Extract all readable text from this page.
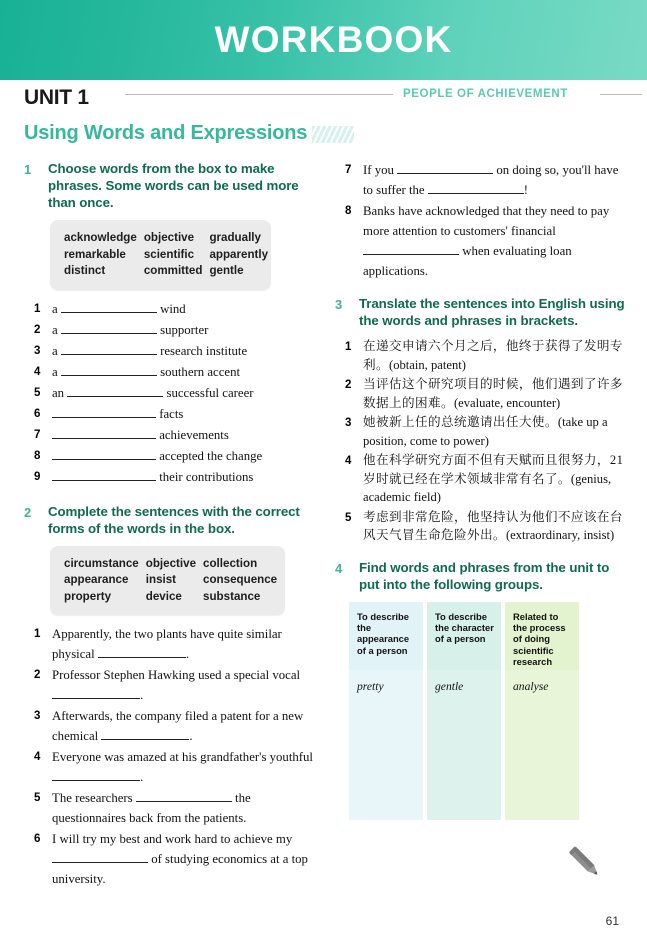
WORKBOOK
UNIT 1	PEOPLE OF ACHIEVEMENT
Using Words and Expressions
1	Choose words from the box to make phrases. Some words can be used more than once.
acknowledge	objective	gradually
remarkable	scientific	apparently
distinct	committed	gentle
1 a	wind
2 a	supporter
3 a	research institute
4 a	southern accent
5 an	successful career
6	facts
7	achievements
8	accepted the change
9	their contributions
2	Complete the sentences with the correct forms of the words in the box.
circumstance	objective	collection
appearance	insist	consequence
property	device	substance
1 Apparently, the two plants have quite similar physical	.
2 Professor Stephen Hawking used a special vocal .
3 Afterwards, the company filed a patent for a new chemical	.
4 Everyone was amazed at his grandfather's youthful .
5 The researchers	the questionnaires back from the patients.
6 I will try my best and work hard to achieve my  of studying economics at a top university.
7 If you	on doing so, you'll have to suffer the	!
8 Banks have acknowledged that they need to pay more attention to customers' financial  when evaluating loan applications.
3	Translate the sentences into English using the words and phrases in brackets.
1 在递交申请六个月之后，他终于获得了发明专利。(obtain, patent)
2 当评估这个研究项目的时候，他们遇到了许多数据上的困难。(evaluate, encounter)
3 她被新上任的总统邀请出任大使。(take up a position, come to power)
4 他在科学研究方面不但有天赋而且很努力，21 岁时就已经在学术领域非常有名了。(genius, academic field)
5 考虑到非常危险，他坚持认为他们不应该在台风天气冒生命危险外出。(extraordinary, insist)
4	Find words and phrases from the unit to put into the following groups.
To describe the appearance of a person
pretty
To describe the character of a person
gentle
Related to the process of doing scientific research
analyse
61
